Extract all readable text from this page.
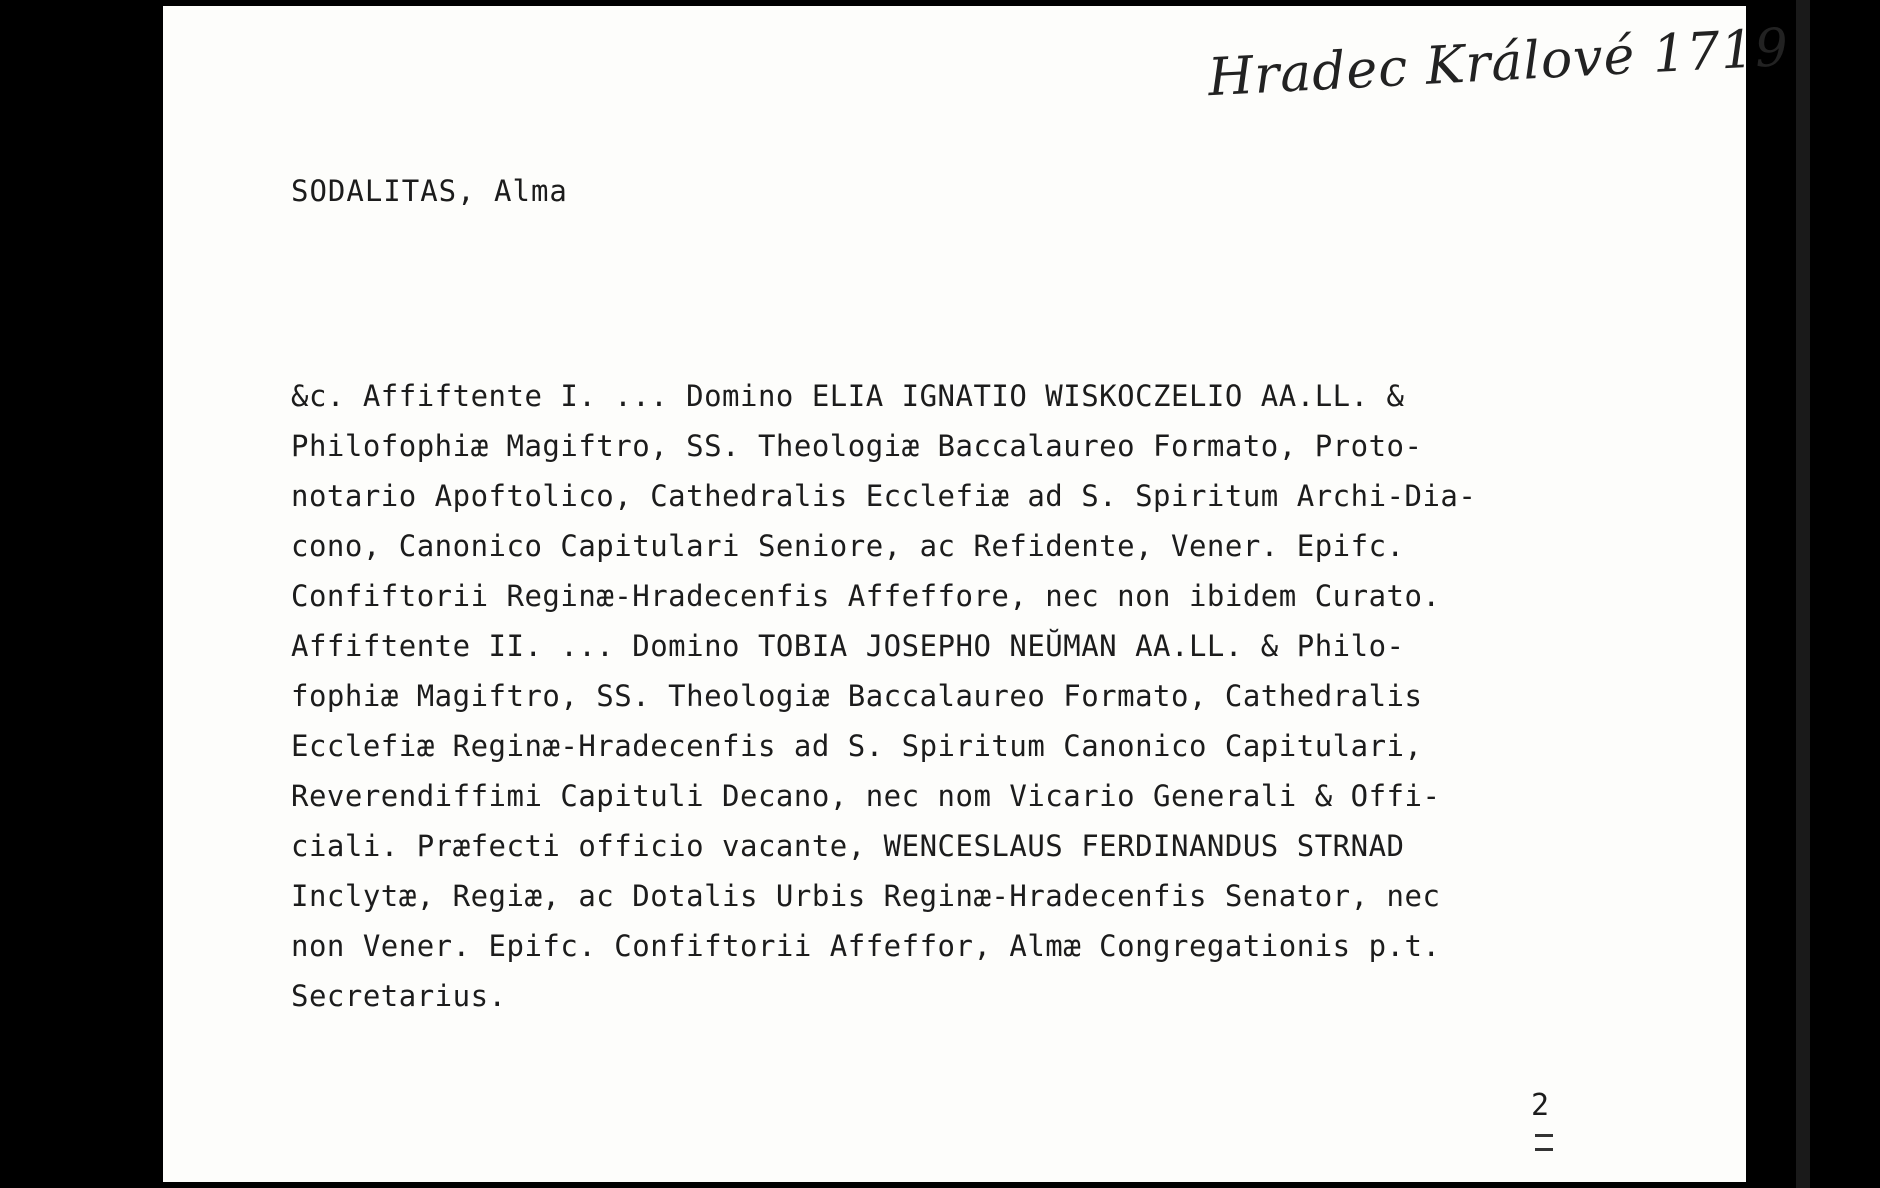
Hradec Králové 1719
SODALITAS, Alma
&c. Affiftente I. ... Domino ELIA IGNATIO WISKOCZELIO AA.LL. &
Philofophiæ Magiftro, SS. Theologiæ Baccalaureo Formato, Proto-
notario Apoftolico, Cathedralis Ecclefiæ ad S. Spiritum Archi-Dia-
cono, Canonico Capitulari Seniore, ac Refidente, Vener. Epifc.
Confiftorii Reginæ-Hradecenfis Affeffore, nec non ibidem Curato.
Affiftente II. ... Domino TOBIA JOSEPHO NEŬMAN AA.LL. & Philo-
fophiæ Magiftro, SS. Theologiæ Baccalaureo Formato, Cathedralis
Ecclefiæ Reginæ-Hradecenfis ad S. Spiritum Canonico Capitulari,
Reverendiffimi Capituli Decano, nec nom Vicario Generali & Offi-
ciali. Præfecti officio vacante, WENCESLAUS FERDINANDUS STRNAD
Inclytæ, Regiæ, ac Dotalis Urbis Reginæ-Hradecenfis Senator, nec
non Vener. Epifc. Confiftorii Affeffor, Almæ Congregationis p.t.
Secretarius.
2
